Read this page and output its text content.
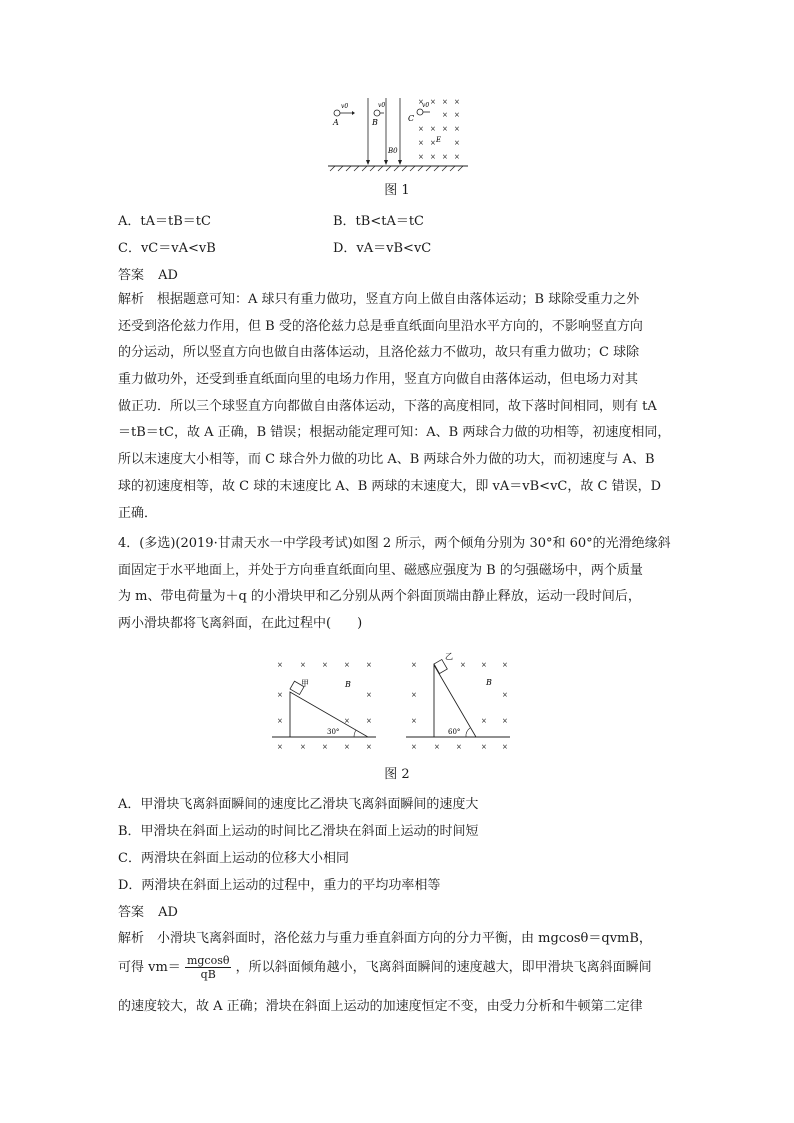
v0
A
v0
B
B0
C
v0
E
× × × ×
× ×
× × × ×
× ×	×
× × × ×
图 1
A．tA＝tB＝tC	B．tB<tA＝tC
C．vC＝vA<vB	D．vA＝vB<vC
答案 AD
解析　根据题意可知：A 球只有重力做功，竖直方向上做自由落体运动；B 球除受重力之外
还受到洛伦兹力作用，但 B 受的洛伦兹力总是垂直纸面向里沿水平方向的，不影响竖直方向
的分运动，所以竖直方向也做自由落体运动，且洛伦兹力不做功，故只有重力做功；C 球除
重力做功外，还受到垂直纸面向里的电场力作用，竖直方向做自由落体运动，但电场力对其
做正功．所以三个球竖直方向都做自由落体运动，下落的高度相同，故下落时间相同，则有 tA
＝tB＝tC，故 A 正确，B 错误；根据动能定理可知：A、B 两球合力做的功相等，初速度相同，
所以末速度大小相等，而 C 球合外力做的功比 A、B 两球合外力做的功大，而初速度与 A、B
球的初速度相等，故 C 球的末速度比 A、B 两球的末速度大，即 vA＝vB<vC，故 C 错误，D
正确．
4．(多选)(2019·甘肃天水一中学段考试)如图 2 所示，两个倾角分别为 30°和 60°的光滑绝缘斜
面固定于水平地面上，并处于方向垂直纸面向里、磁感应强度为 B 的匀强磁场中，两个质量
为 m、带电荷量为＋q 的小滑块甲和乙分别从两个斜面顶端由静止释放，运动一段时间后，
两小滑块都将飞离斜面，在此过程中(　　)
× × × × ×
×	×
×	× ×
× × × × ×
甲	B
30°
×	× × ×
×	×
×	× ×
× × ×	× ×
乙
B
60°
图 2
A．甲滑块飞离斜面瞬间的速度比乙滑块飞离斜面瞬间的速度大
B．甲滑块在斜面上运动的时间比乙滑块在斜面上运动的时间短
C．两滑块在斜面上运动的位移大小相同
D．两滑块在斜面上运动的过程中，重力的平均功率相等
答案 AD
解析　小滑块飞离斜面时，洛伦兹力与重力垂直斜面方向的分力平衡，由 mgcosθ＝qvmB，
可得 $vm= \frac{mgcos\theta}{qB}$ ，所以斜面倾角越小，飞离斜面瞬间的速度越大，即甲滑块飞离斜面瞬间
的速度较大，故 A 正确；滑块在斜面上运动的加速度恒定不变，由受力分析和牛顿第二定律
